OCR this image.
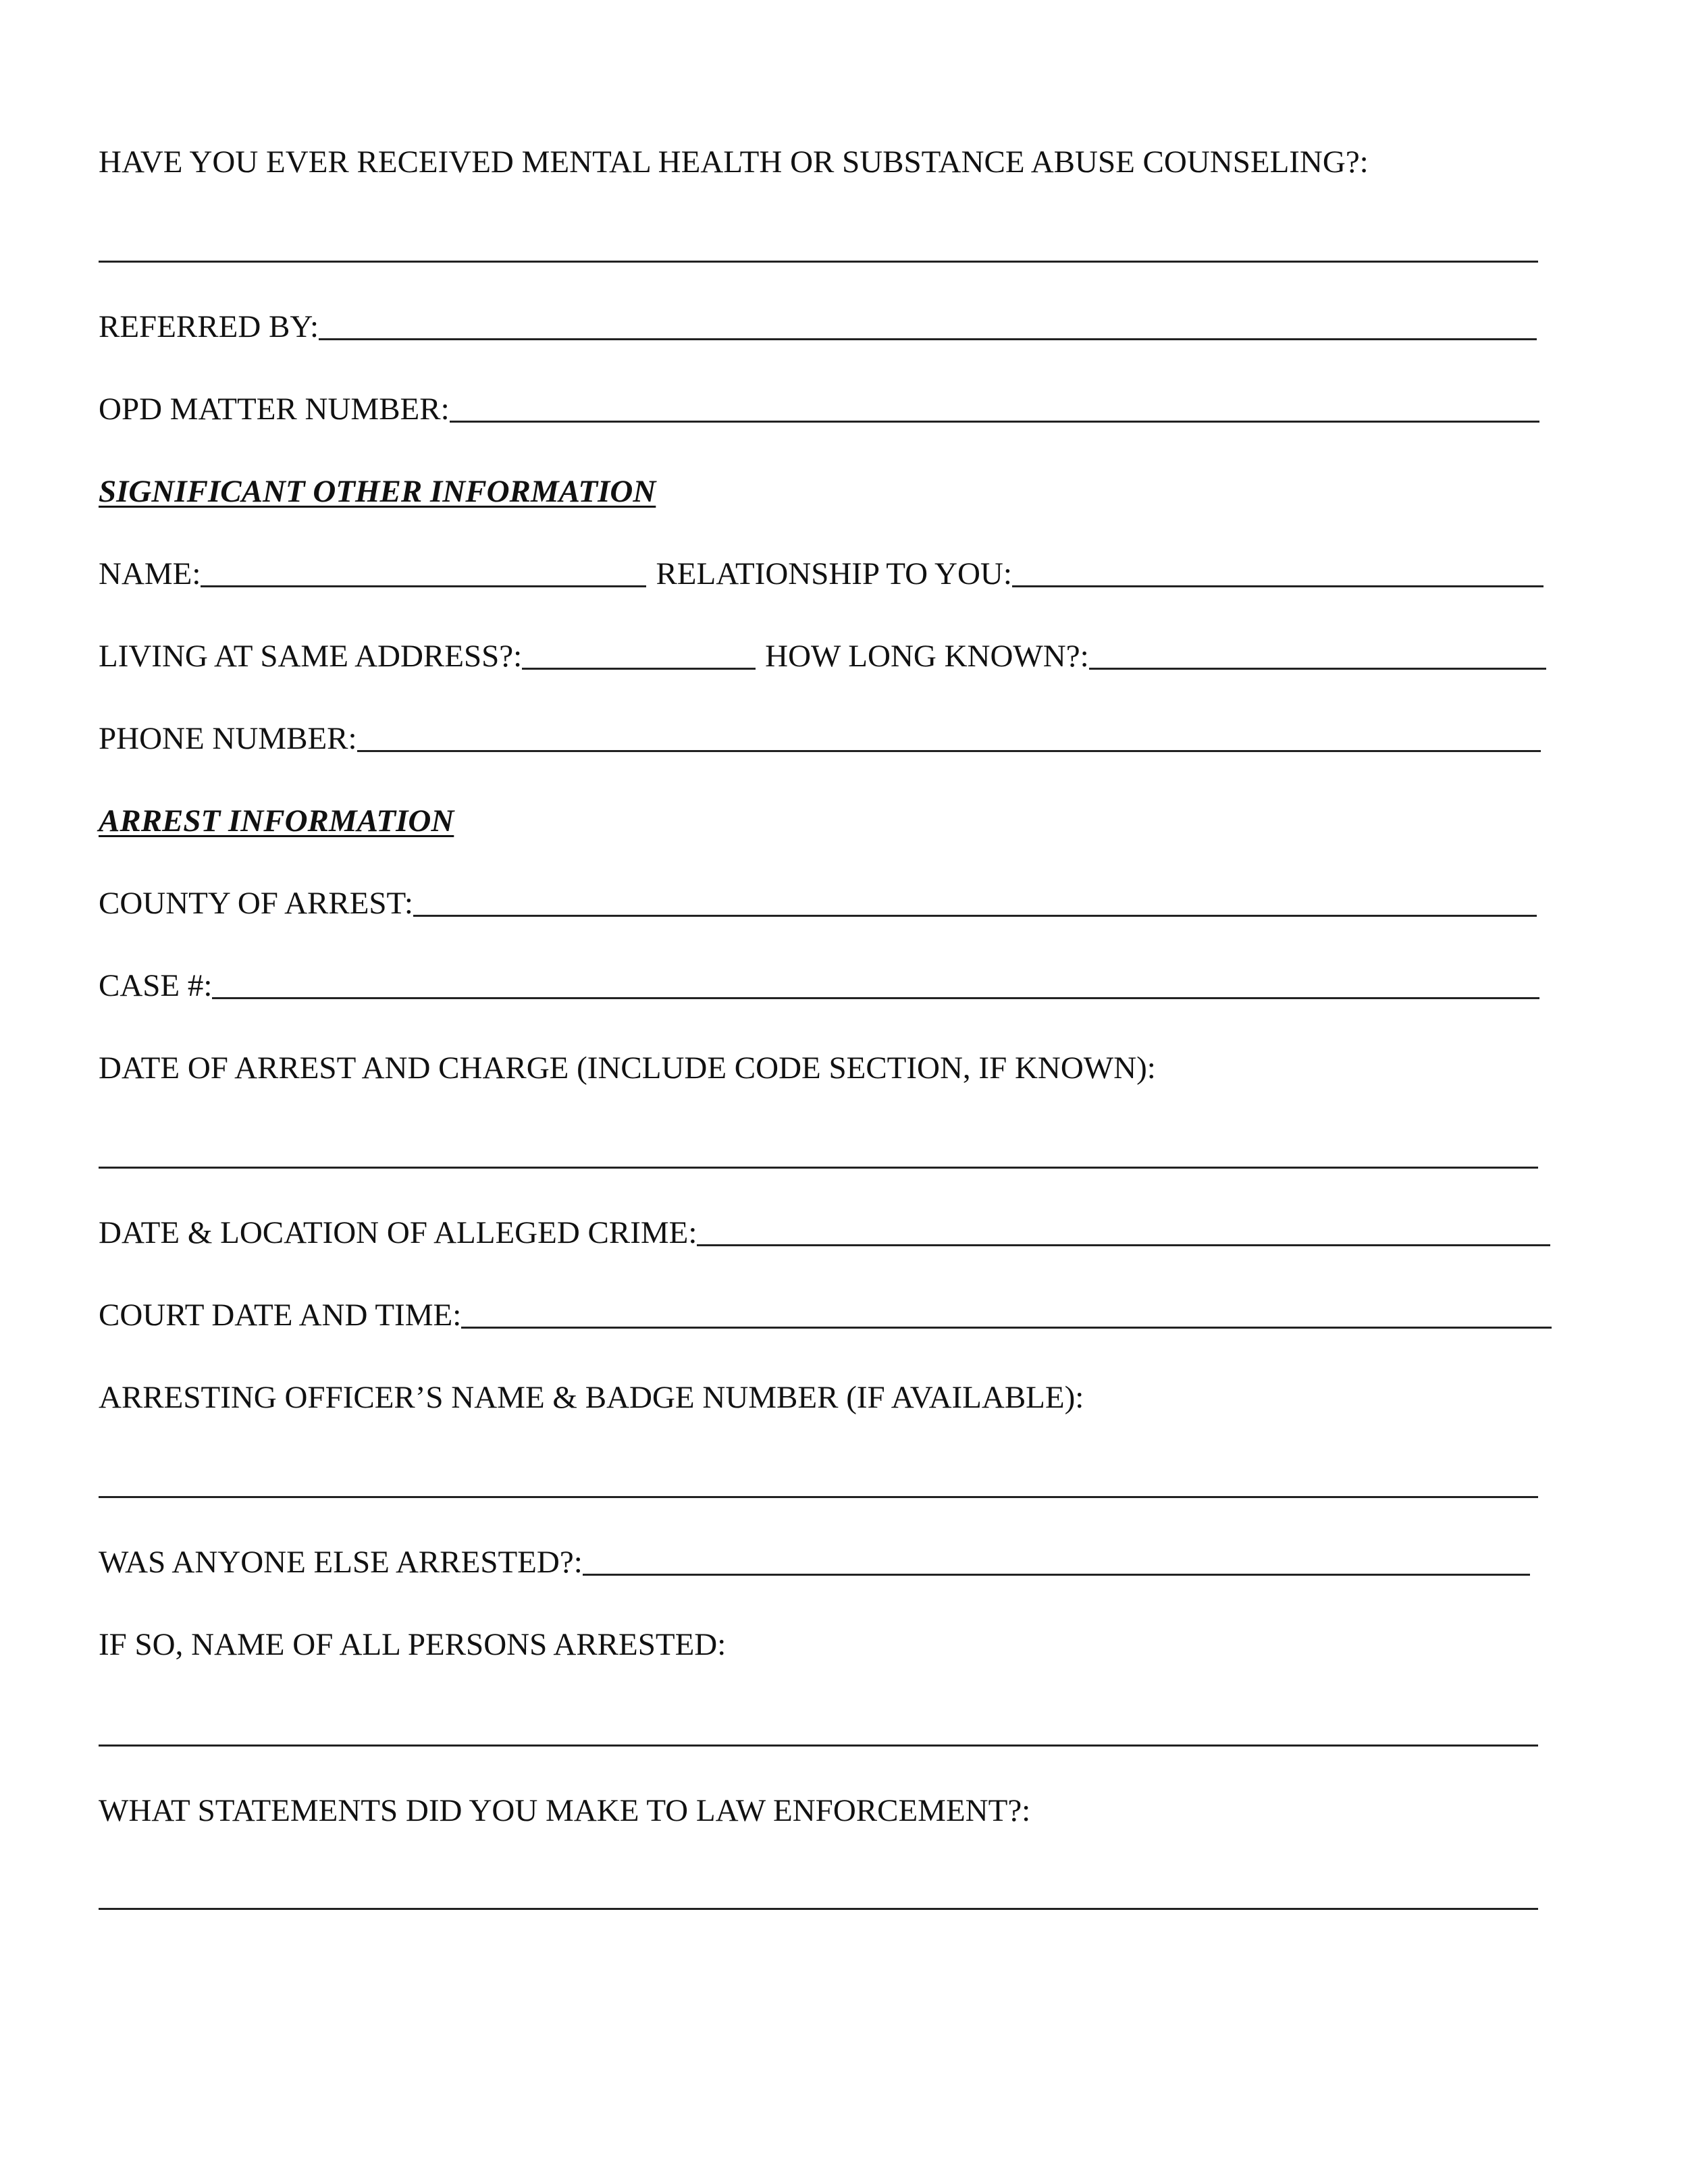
HAVE YOU EVER RECEIVED MENTAL HEALTH OR SUBSTANCE ABUSE COUNSELING?:
REFERRED BY:
OPD MATTER NUMBER:
SIGNIFICANT OTHER INFORMATION
NAME:	RELATIONSHIP TO YOU:
LIVING AT SAME ADDRESS?:	HOW LONG KNOWN?:
PHONE NUMBER:
ARREST INFORMATION
COUNTY OF ARREST:
CASE #:
DATE OF ARREST AND CHARGE (INCLUDE CODE SECTION, IF KNOWN):
DATE & LOCATION OF ALLEGED CRIME:
COURT DATE AND TIME:
ARRESTING OFFICER’S NAME & BADGE NUMBER (IF AVAILABLE):
WAS ANYONE ELSE ARRESTED?:
IF SO, NAME OF ALL PERSONS ARRESTED:
WHAT STATEMENTS DID YOU MAKE TO LAW ENFORCEMENT?:
